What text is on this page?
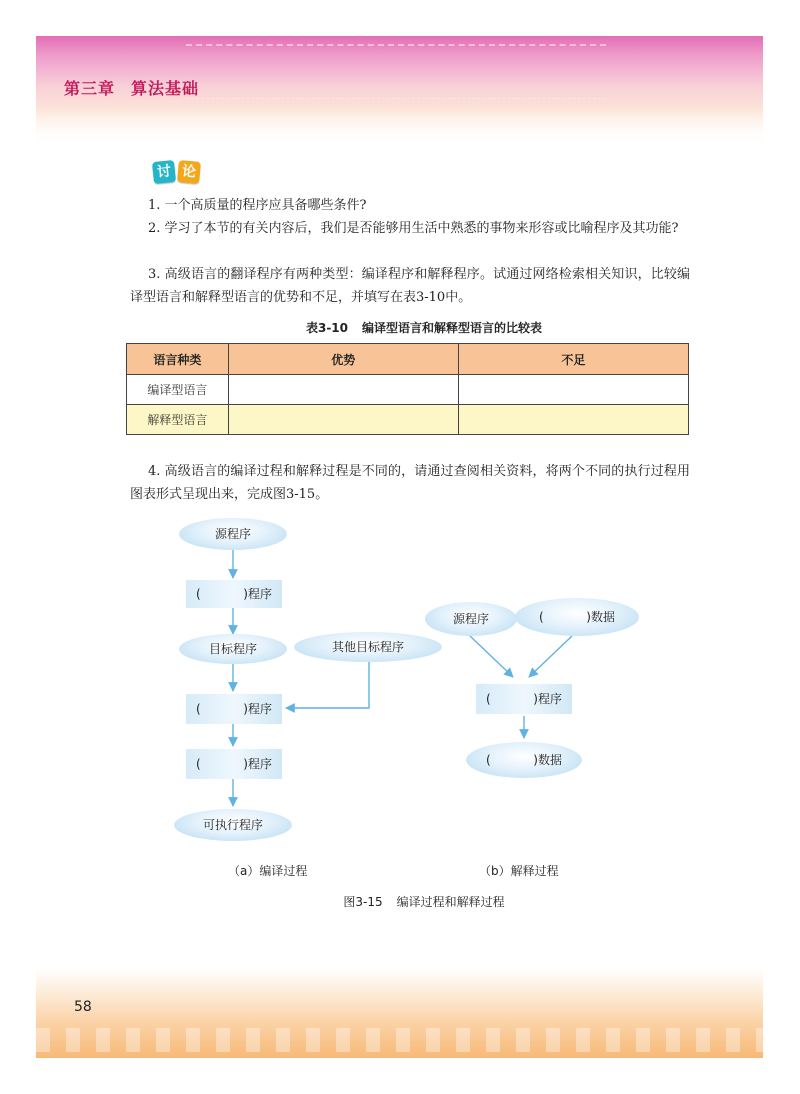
第三章 算法基础
讨 论
1. 一个高质量的程序应具备哪些条件?
2. 学习了本节的有关内容后，我们是否能够用生活中熟悉的事物来形容或比喻程序及其功能?
3. 高级语言的翻译程序有两种类型：编译程序和解释程序。试通过网络检索相关知识，比较编译型语言和解释型语言的优势和不足，并填写在表3-10中。
表3-10 编译型语言和解释型语言的比较表
语言种类	优势	不足
编译型语言		
解释型语言		
4. 高级语言的编译过程和解释过程是不同的，请通过查阅相关资料，将两个不同的执行过程用图表形式呈现出来，完成图3-15。
源程序
(	)程序
目标程序	其他目标程序
(	)程序
(	)程序
可执行程序
源程序	(	)数据
(	)程序
(	)数据
（a）编译过程	（b）解释过程
图3-15 编译过程和解释过程
58
